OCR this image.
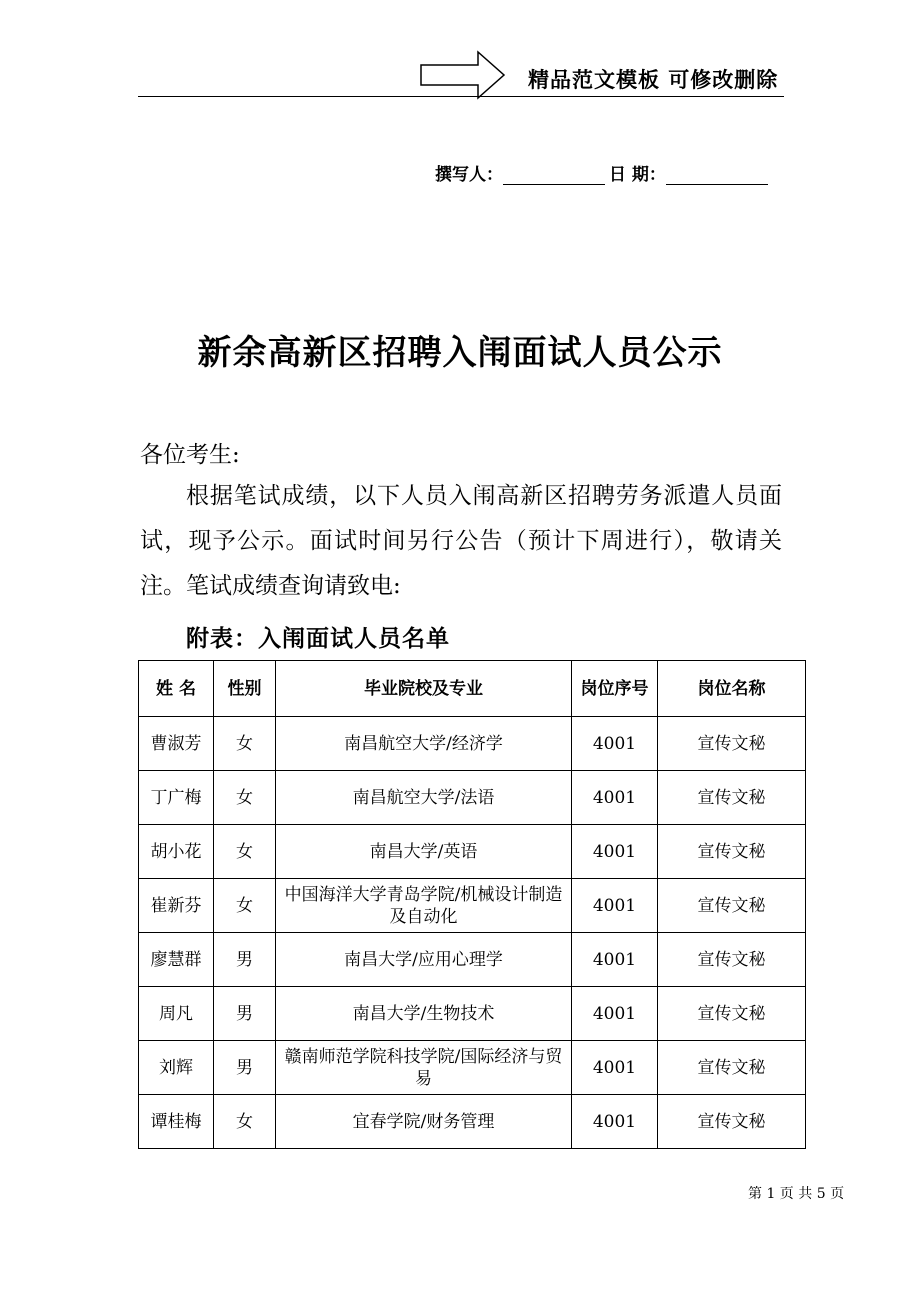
精品范文模板 可修改删除
撰写人：	日 期：
新余高新区招聘入闱面试人员公示
各位考生:
根据笔试成绩，以下人员入闱高新区招聘劳务派遣人员面试，现予公示。面试时间另行公告（预计下周进行），敬请关注。笔试成绩查询请致电:
附表：入闱面试人员名单
姓 名	性别	毕业院校及专业	岗位序号	岗位名称
曹淑芳	女	南昌航空大学/经济学	4001	宣传文秘
丁广梅	女	南昌航空大学/法语	4001	宣传文秘
胡小花	女	南昌大学/英语	4001	宣传文秘
崔新芬	女	中国海洋大学青岛学院/机械设计制造及自动化	4001	宣传文秘
廖慧群	男	南昌大学/应用心理学	4001	宣传文秘
周凡	男	南昌大学/生物技术	4001	宣传文秘
刘辉	男	赣南师范学院科技学院/国际经济与贸易	4001	宣传文秘
谭桂梅	女	宜春学院/财务管理	4001	宣传文秘
第 1 页 共 5 页
